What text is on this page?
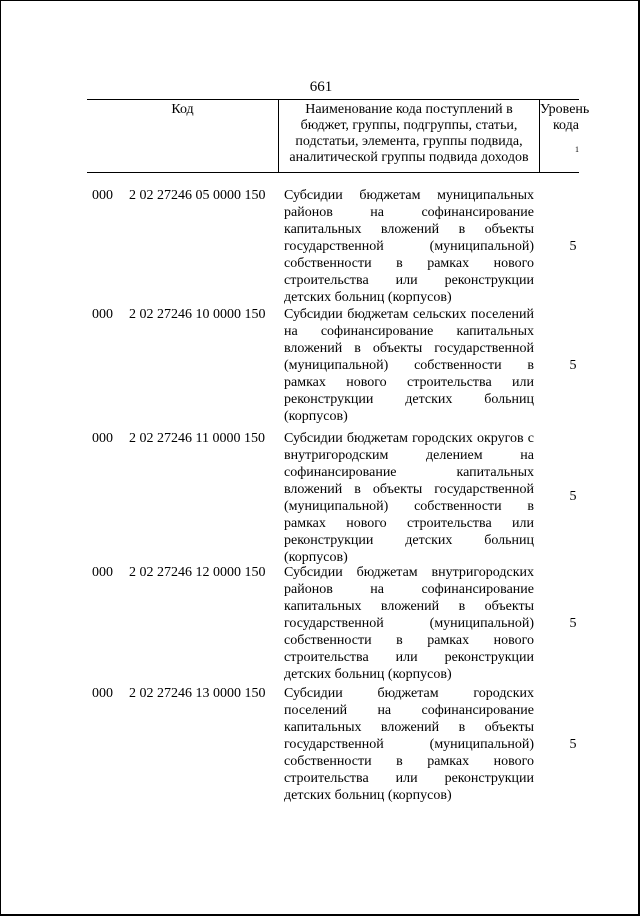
661
Код	Наименование кода поступлений в
бюджет, группы, подгруппы, статьи,
подстатьи, элемента, группы подвида,
аналитической группы подвида доходов
Уровень
кода

1
000 2 02 27246 05 0000 150 Субсидии бюджетам муниципальных районов на софинансирование капитальных вложений в объекты государственной (муниципальной) собственности в рамках нового строительства или реконструкции детских больниц (корпусов)
5
000 2 02 27246 10 0000 150 Субсидии бюджетам сельских поселений на софинансирование капитальных вложений в объекты государственной (муниципальной) собственности в рамках нового строительства или реконструкции детских больниц (корпусов)
5
000 2 02 27246 11 0000 150 Субсидии бюджетам городских округов с внутригородским делением на софинансирование капитальных вложений в объекты государственной (муниципальной) собственности в рамках нового строительства или реконструкции детских больниц (корпусов)
5
000 2 02 27246 12 0000 150 Субсидии бюджетам внутригородских районов на софинансирование капитальных вложений в объекты государственной (муниципальной) собственности в рамках нового строительства или реконструкции детских больниц (корпусов)
5
000 2 02 27246 13 0000 150 Субсидии бюджетам городских поселений на софинансирование капитальных вложений в объекты государственной (муниципальной) собственности в рамках нового строительства или реконструкции детских больниц (корпусов)
5
